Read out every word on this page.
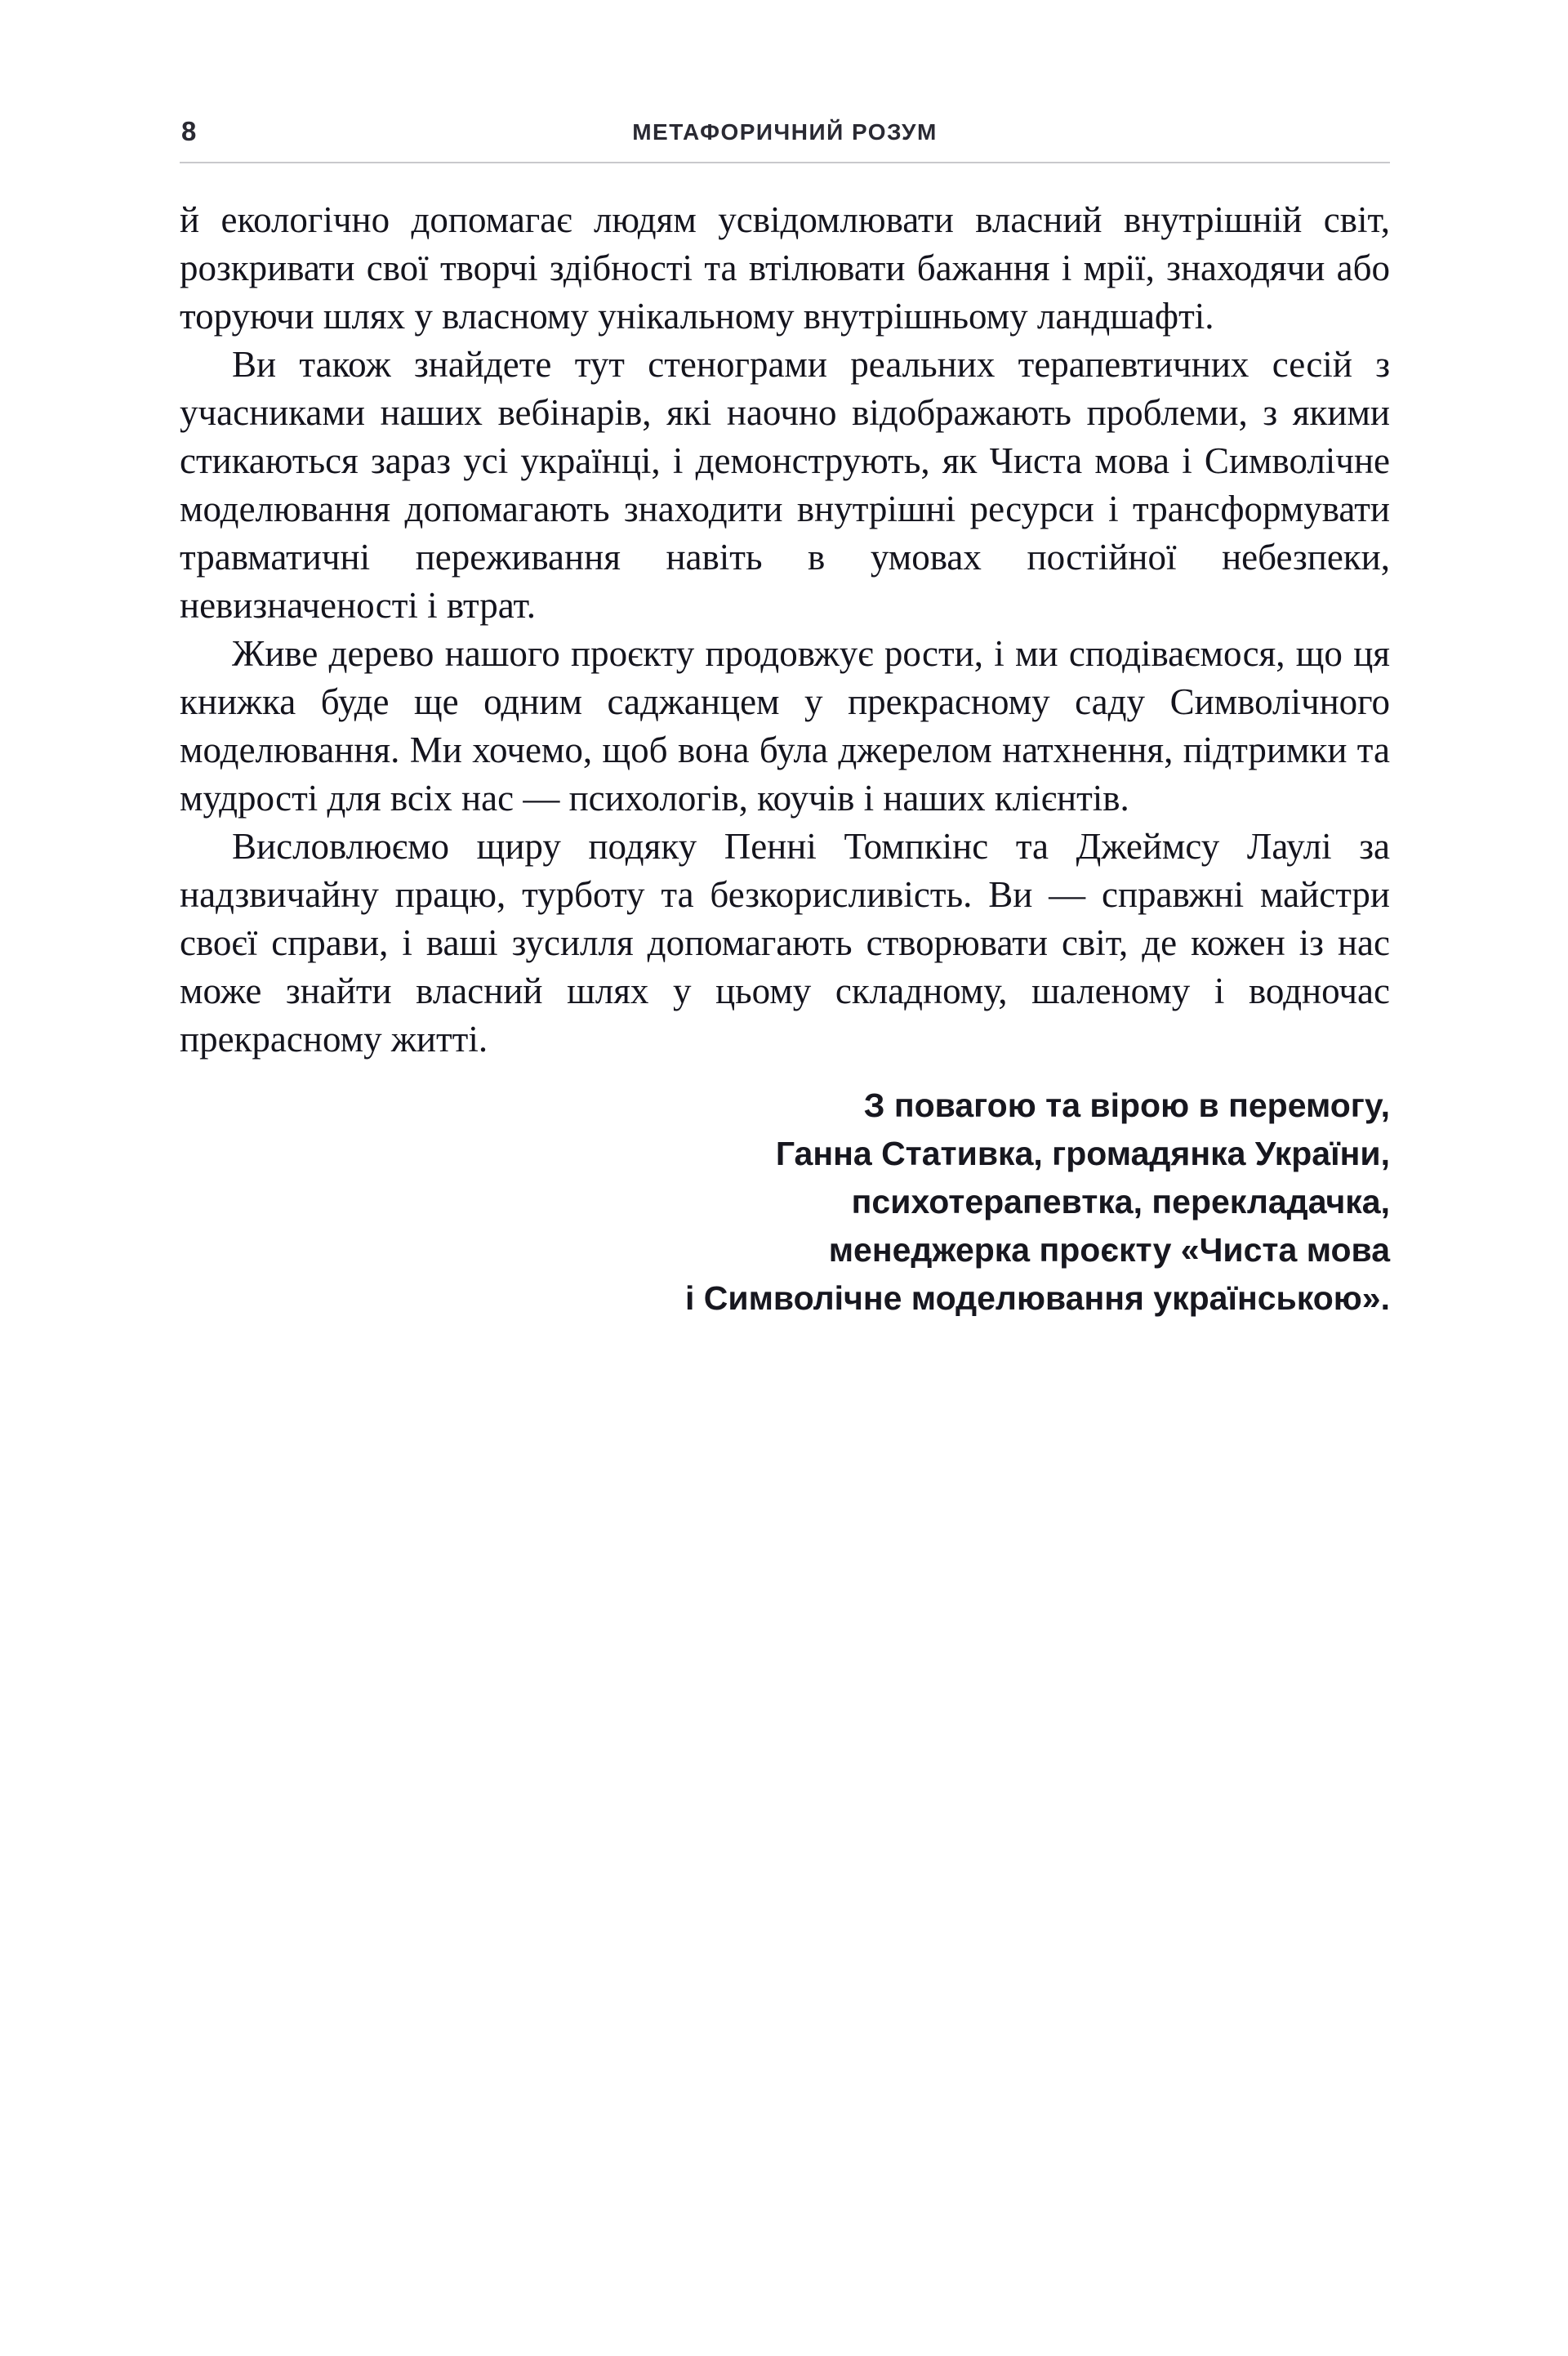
8	МЕТАФОРИЧНИЙ РОЗУМ

й екологічно допомагає людям усвідомлювати власний внутрішній світ, розкривати свої творчі здібності та втілювати бажання і мрії, знаходячи або торуючи шлях у власному унікальному внутрішньому ландшафті.

Ви також знайдете тут стенограми реальних терапевтичних сесій з учасниками наших вебінарів, які наочно відображають проблеми, з якими стикаються зараз усі українці, і демонструють, як Чиста мова і Символічне моделювання допомагають знаходити внутрішні ресурси і трансформувати травматичні переживання навіть в умовах постійної небезпеки, невизначеності і втрат.

Живе дерево нашого проєкту продовжує рости, і ми сподіваємося, що ця книжка буде ще одним саджанцем у прекрасному саду Символічного моделювання. Ми хочемо, щоб вона була джерелом натхнення, підтримки та мудрості для всіх нас — психологів, коучів і наших клієнтів.

Висловлюємо щиру подяку Пенні Томпкінс та Джеймсу Лаулі за надзвичайну працю, турботу та безкорисливість. Ви — справжні майстри своєї справи, і ваші зусилля допомагають створювати світ, де кожен із нас може знайти власний шлях у цьому складному, шаленому і водночас прекрасному житті.

З повагою та вірою в перемогу,
Ганна Стативка, громадянка України,
психотерапевтка, перекладачка,
менеджерка проєкту «Чиста мова
і Символічне моделювання українською».
